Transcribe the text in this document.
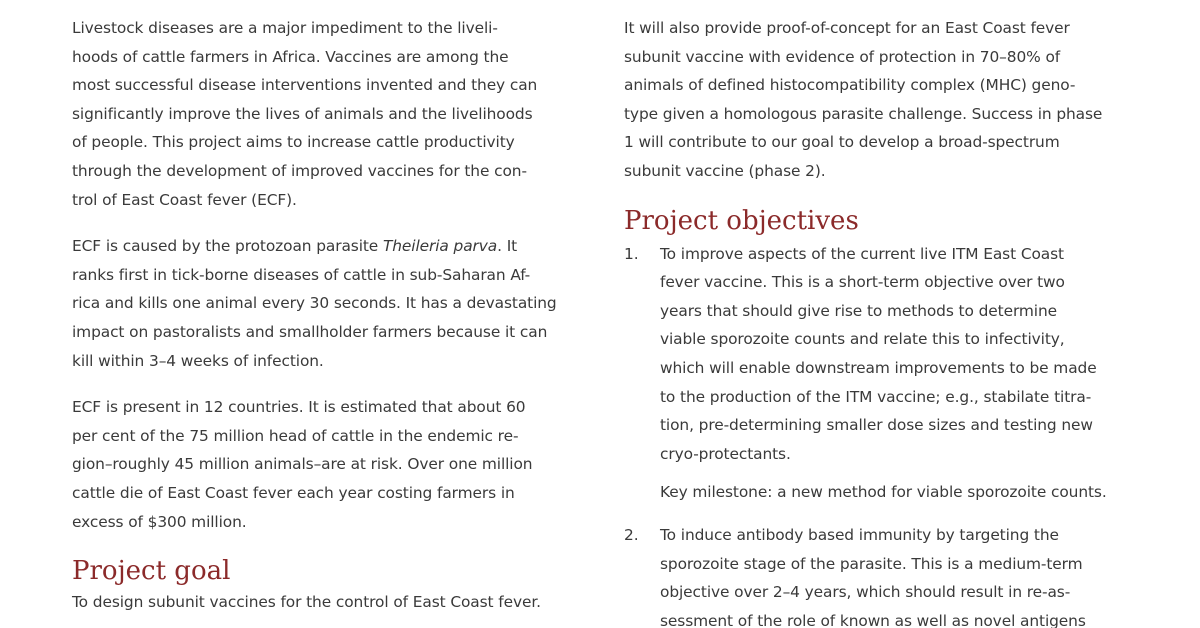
Livestock diseases are a major impediment to the liveli-
hoods of cattle farmers in Africa. Vaccines are among the
most successful disease interventions invented and they can
significantly improve the lives of animals and the livelihoods
of people. This project aims to increase cattle productivity
through the development of improved vaccines for the con-
trol of East Coast fever (ECF).

ECF is caused by the protozoan parasite Theileria parva. It
ranks first in tick-borne diseases of cattle in sub-Saharan Af-
rica and kills one animal every 30 seconds. It has a devastating
impact on pastoralists and smallholder farmers because it can
kill within 3–4 weeks of infection.

ECF is present in 12 countries. It is estimated that about 60
per cent of the 75 million head of cattle in the endemic re-
gion–roughly 45 million animals–are at risk. Over one million
cattle die of East Coast fever each year costing farmers in
excess of $300 million.

Project goal

To design subunit vaccines for the control of East Coast fever.

It will also provide proof-of-concept for an East Coast fever
subunit vaccine with evidence of protection in 70–80% of
animals of defined histocompatibility complex (MHC) geno-
type given a homologous parasite challenge. Success in phase
1 will contribute to our goal to develop a broad-spectrum
subunit vaccine (phase 2).

Project objectives
1. To improve aspects of the current live ITM East Coast
fever vaccine. This is a short-term objective over two
years that should give rise to methods to determine
viable sporozoite counts and relate this to infectivity,
which will enable downstream improvements to be made
to the production of the ITM vaccine; e.g., stabilate titra-
tion, pre-determining smaller dose sizes and testing new
cryo-protectants.

Key milestone: a new method for viable sporozoite counts.

2. To induce antibody based immunity by targeting the
sporozoite stage of the parasite. This is a medium-term
objective over 2–4 years, which should result in re-as-
sessment of the role of known as well as novel antigens
